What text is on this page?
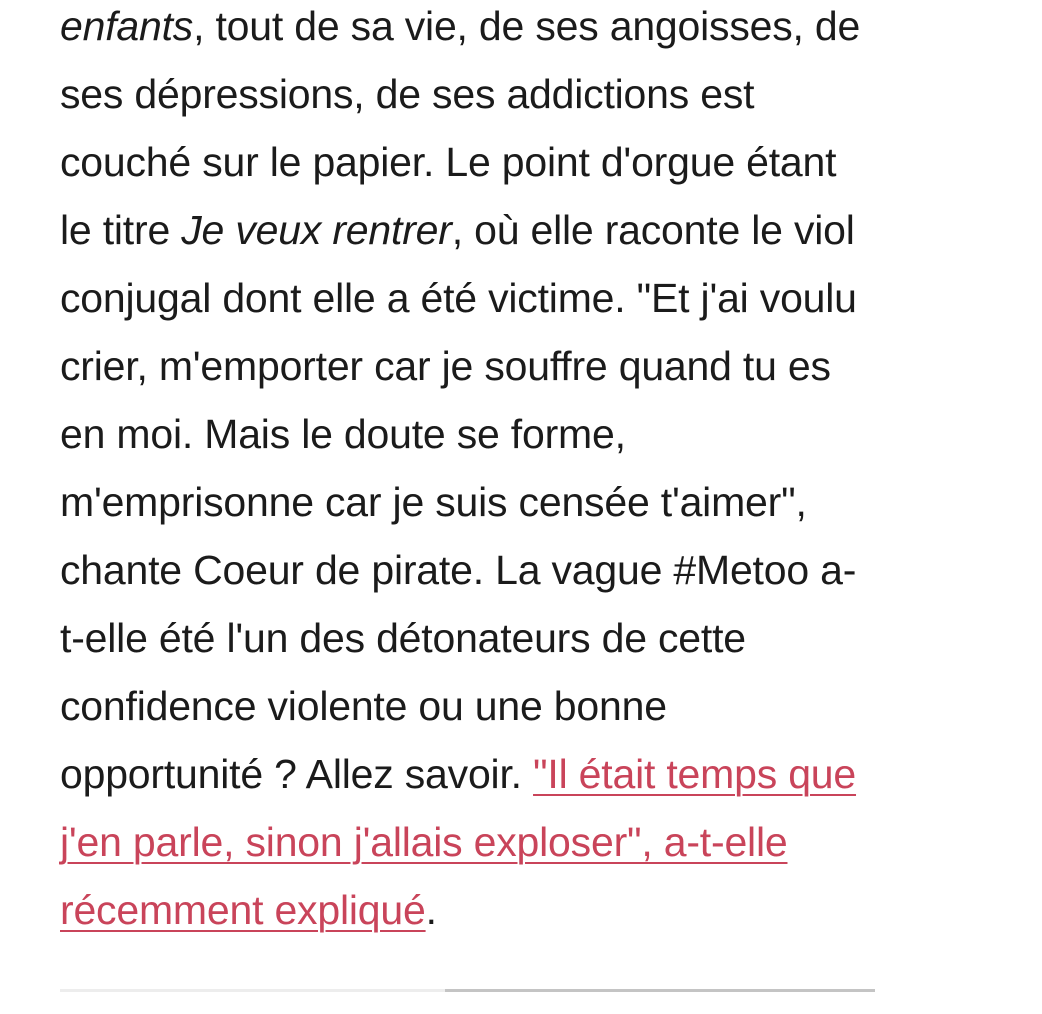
enfants, tout de sa vie, de ses angoisses, de
ses dépressions, de ses addictions est
couché sur le papier. Le point d'orgue étant
le titre Je veux rentrer, où elle raconte le viol
conjugal dont elle a été victime. "Et j'ai voulu
crier, m'emporter car je souffre quand tu es
en moi. Mais le doute se forme,
m'emprisonne car je suis censée t'aimer",
chante Coeur de pirate. La vague #Metoo a-
t-elle été l'un des détonateurs de cette
confidence violente ou une bonne
opportunité ? Allez savoir. "Il était temps que
j'en parle, sinon j'allais exploser", a-t-elle
récemment expliqué.
